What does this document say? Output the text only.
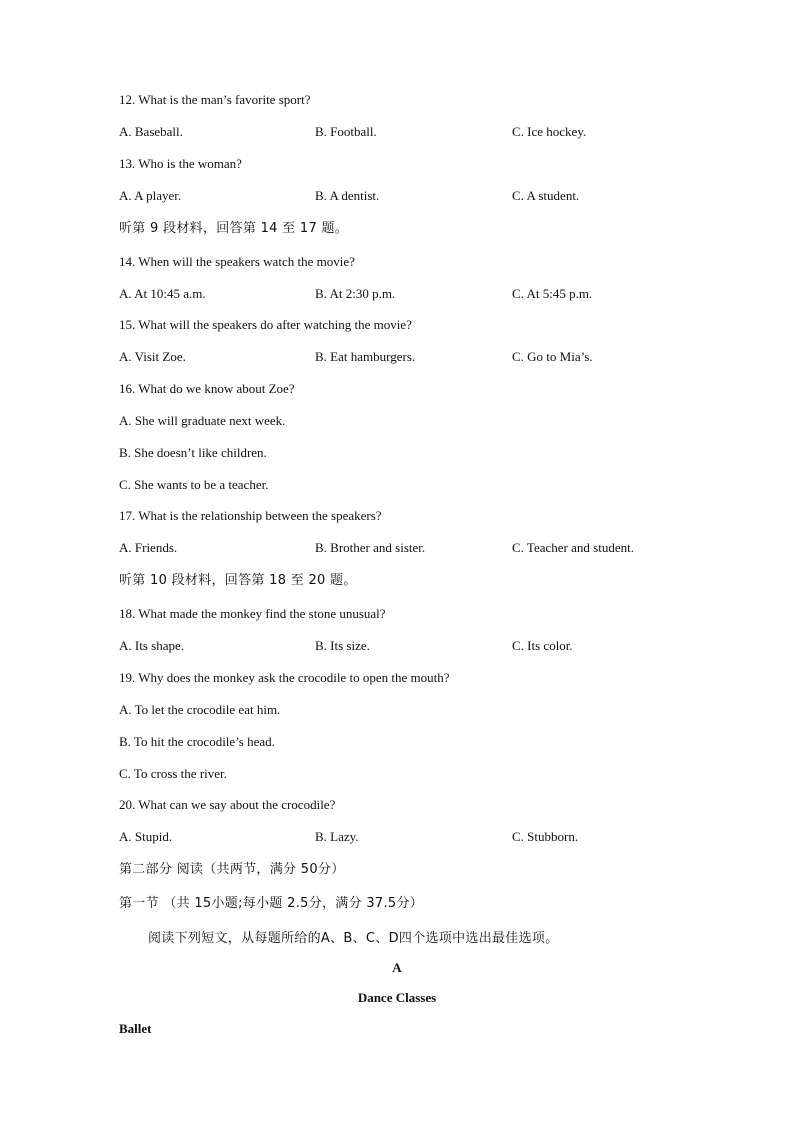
12. What is the man’s favorite sport?
A. Baseball.	B. Football.	C. Ice hockey.
13. Who is the woman?
A. A player.	B. A dentist.	C. A student.
听第 9 段材料，回答第 14 至 17 题。
14. When will the speakers watch the movie?
A. At 10:45 a.m.	B. At 2:30 p.m.	C. At 5:45 p.m.
15. What will the speakers do after watching the movie?
A. Visit Zoe.	B. Eat hamburgers.	C. Go to Mia’s.
16. What do we know about Zoe?
A. She will graduate next week.
B. She doesn’t like children.
C. She wants to be a teacher.
17. What is the relationship between the speakers?
A. Friends.	B. Brother and sister.	C. Teacher and student.
听第 10 段材料，回答第 18 至 20 题。
18. What made the monkey find the stone unusual?
A. Its shape.	B. Its size.	C. Its color.
19. Why does the monkey ask the crocodile to open the mouth?
A. To let the crocodile eat him.
B. To hit the crocodile’s head.
C. To cross the river.
20. What can we say about the crocodile?
A. Stupid.	B. Lazy.	C. Stubborn.
第二部分 阅读（共两节，满分 50分）
第一节 （共 15小题;每小题 2.5分，满分 37.5分）
阅读下列短文，从每题所给的A、B、C、D四个选项中选出最佳选项。
A
Dance Classes
Ballet
